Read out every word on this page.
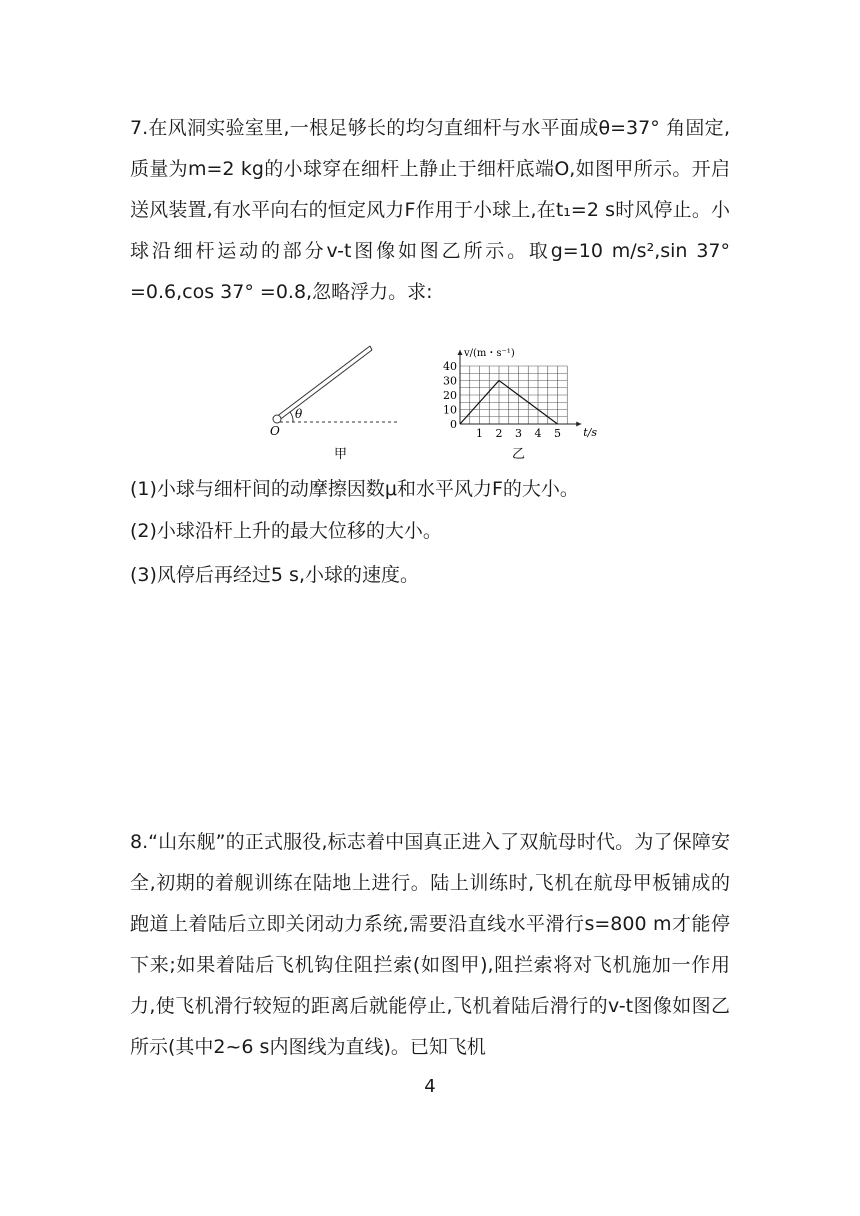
7.在风洞实验室里,一根足够长的均匀直细杆与水平面成θ=37° 角固定,质量为m=2 kg的小球穿在细杆上静止于细杆底端O,如图甲所示。开启送风装置,有水平向右的恒定风力F作用于小球上,在t₁=2 s时风停止。小球沿细杆运动的部分v-t图像如图乙所示。取g=10 m/s²,sin 37° =0.6,cos 37° =0.8,忽略浮力。求:
θ
O
甲
10
20
30
40
1 2 3 4 5
v/(m・s⁻¹)
t/s
0
乙
(1)小球与细杆间的动摩擦因数μ和水平风力F的大小。
(2)小球沿杆上升的最大位移的大小。
(3)风停后再经过5 s,小球的速度。
8.“山东舰”的正式服役,标志着中国真正进入了双航母时代。为了保障安全,初期的着舰训练在陆地上进行。陆上训练时,飞机在航母甲板铺成的跑道上着陆后立即关闭动力系统,需要沿直线水平滑行s=800 m才能停下来;如果着陆后飞机钩住阻拦索(如图甲),阻拦索将对飞机施加一作用力,使飞机滑行较短的距离后就能停止,飞机着陆后滑行的v-t图像如图乙所示(其中2~6 s内图线为直线)。已知飞机
4
